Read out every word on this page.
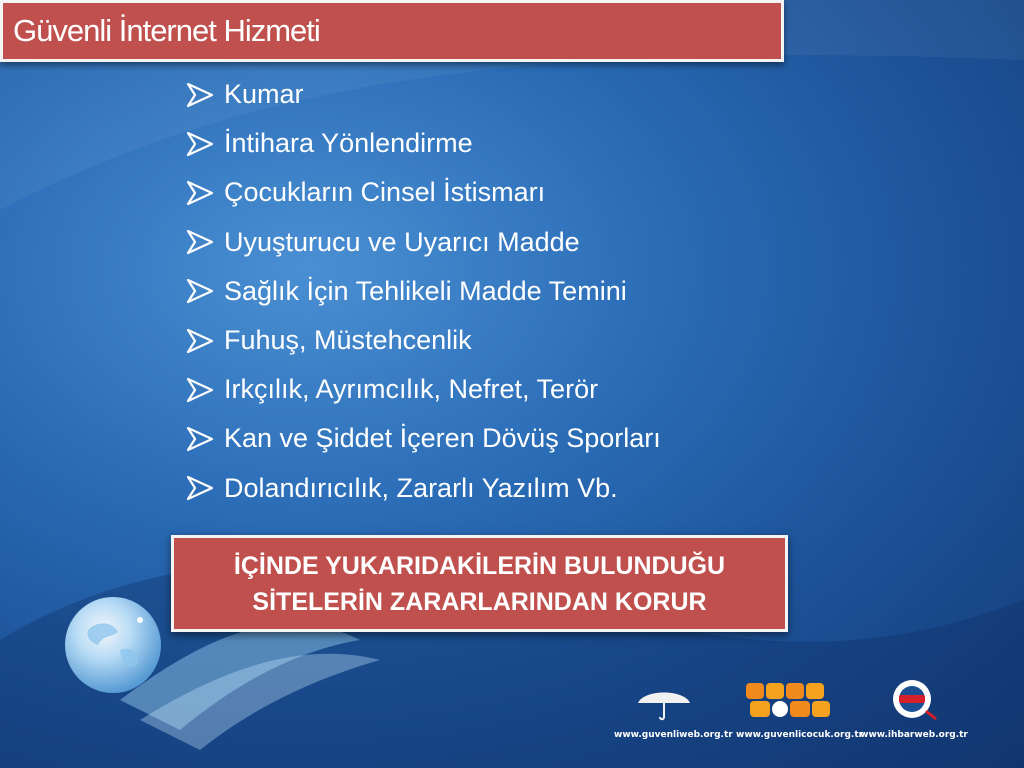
Güvenli İnternet Hizmeti
Kumar
İntihara Yönlendirme
Çocukların Cinsel İstismarı
Uyuşturucu ve Uyarıcı Madde
Sağlık İçin Tehlikeli Madde Temini
Fuhuş, Müstehcenlik
Irkçılık, Ayrımcılık, Nefret, Terör
Kan ve Şiddet İçeren Dövüş Sporları
Dolandırıcılık, Zararlı Yazılım Vb.
İÇİNDE YUKARIDAKİLERİN BULUNDUĞU
SİTELERİN ZARARLARINDAN KORUR
www.guvenliweb.org.tr www.guvenlicocuk.org.tr
www.ihbarweb.org.tr
